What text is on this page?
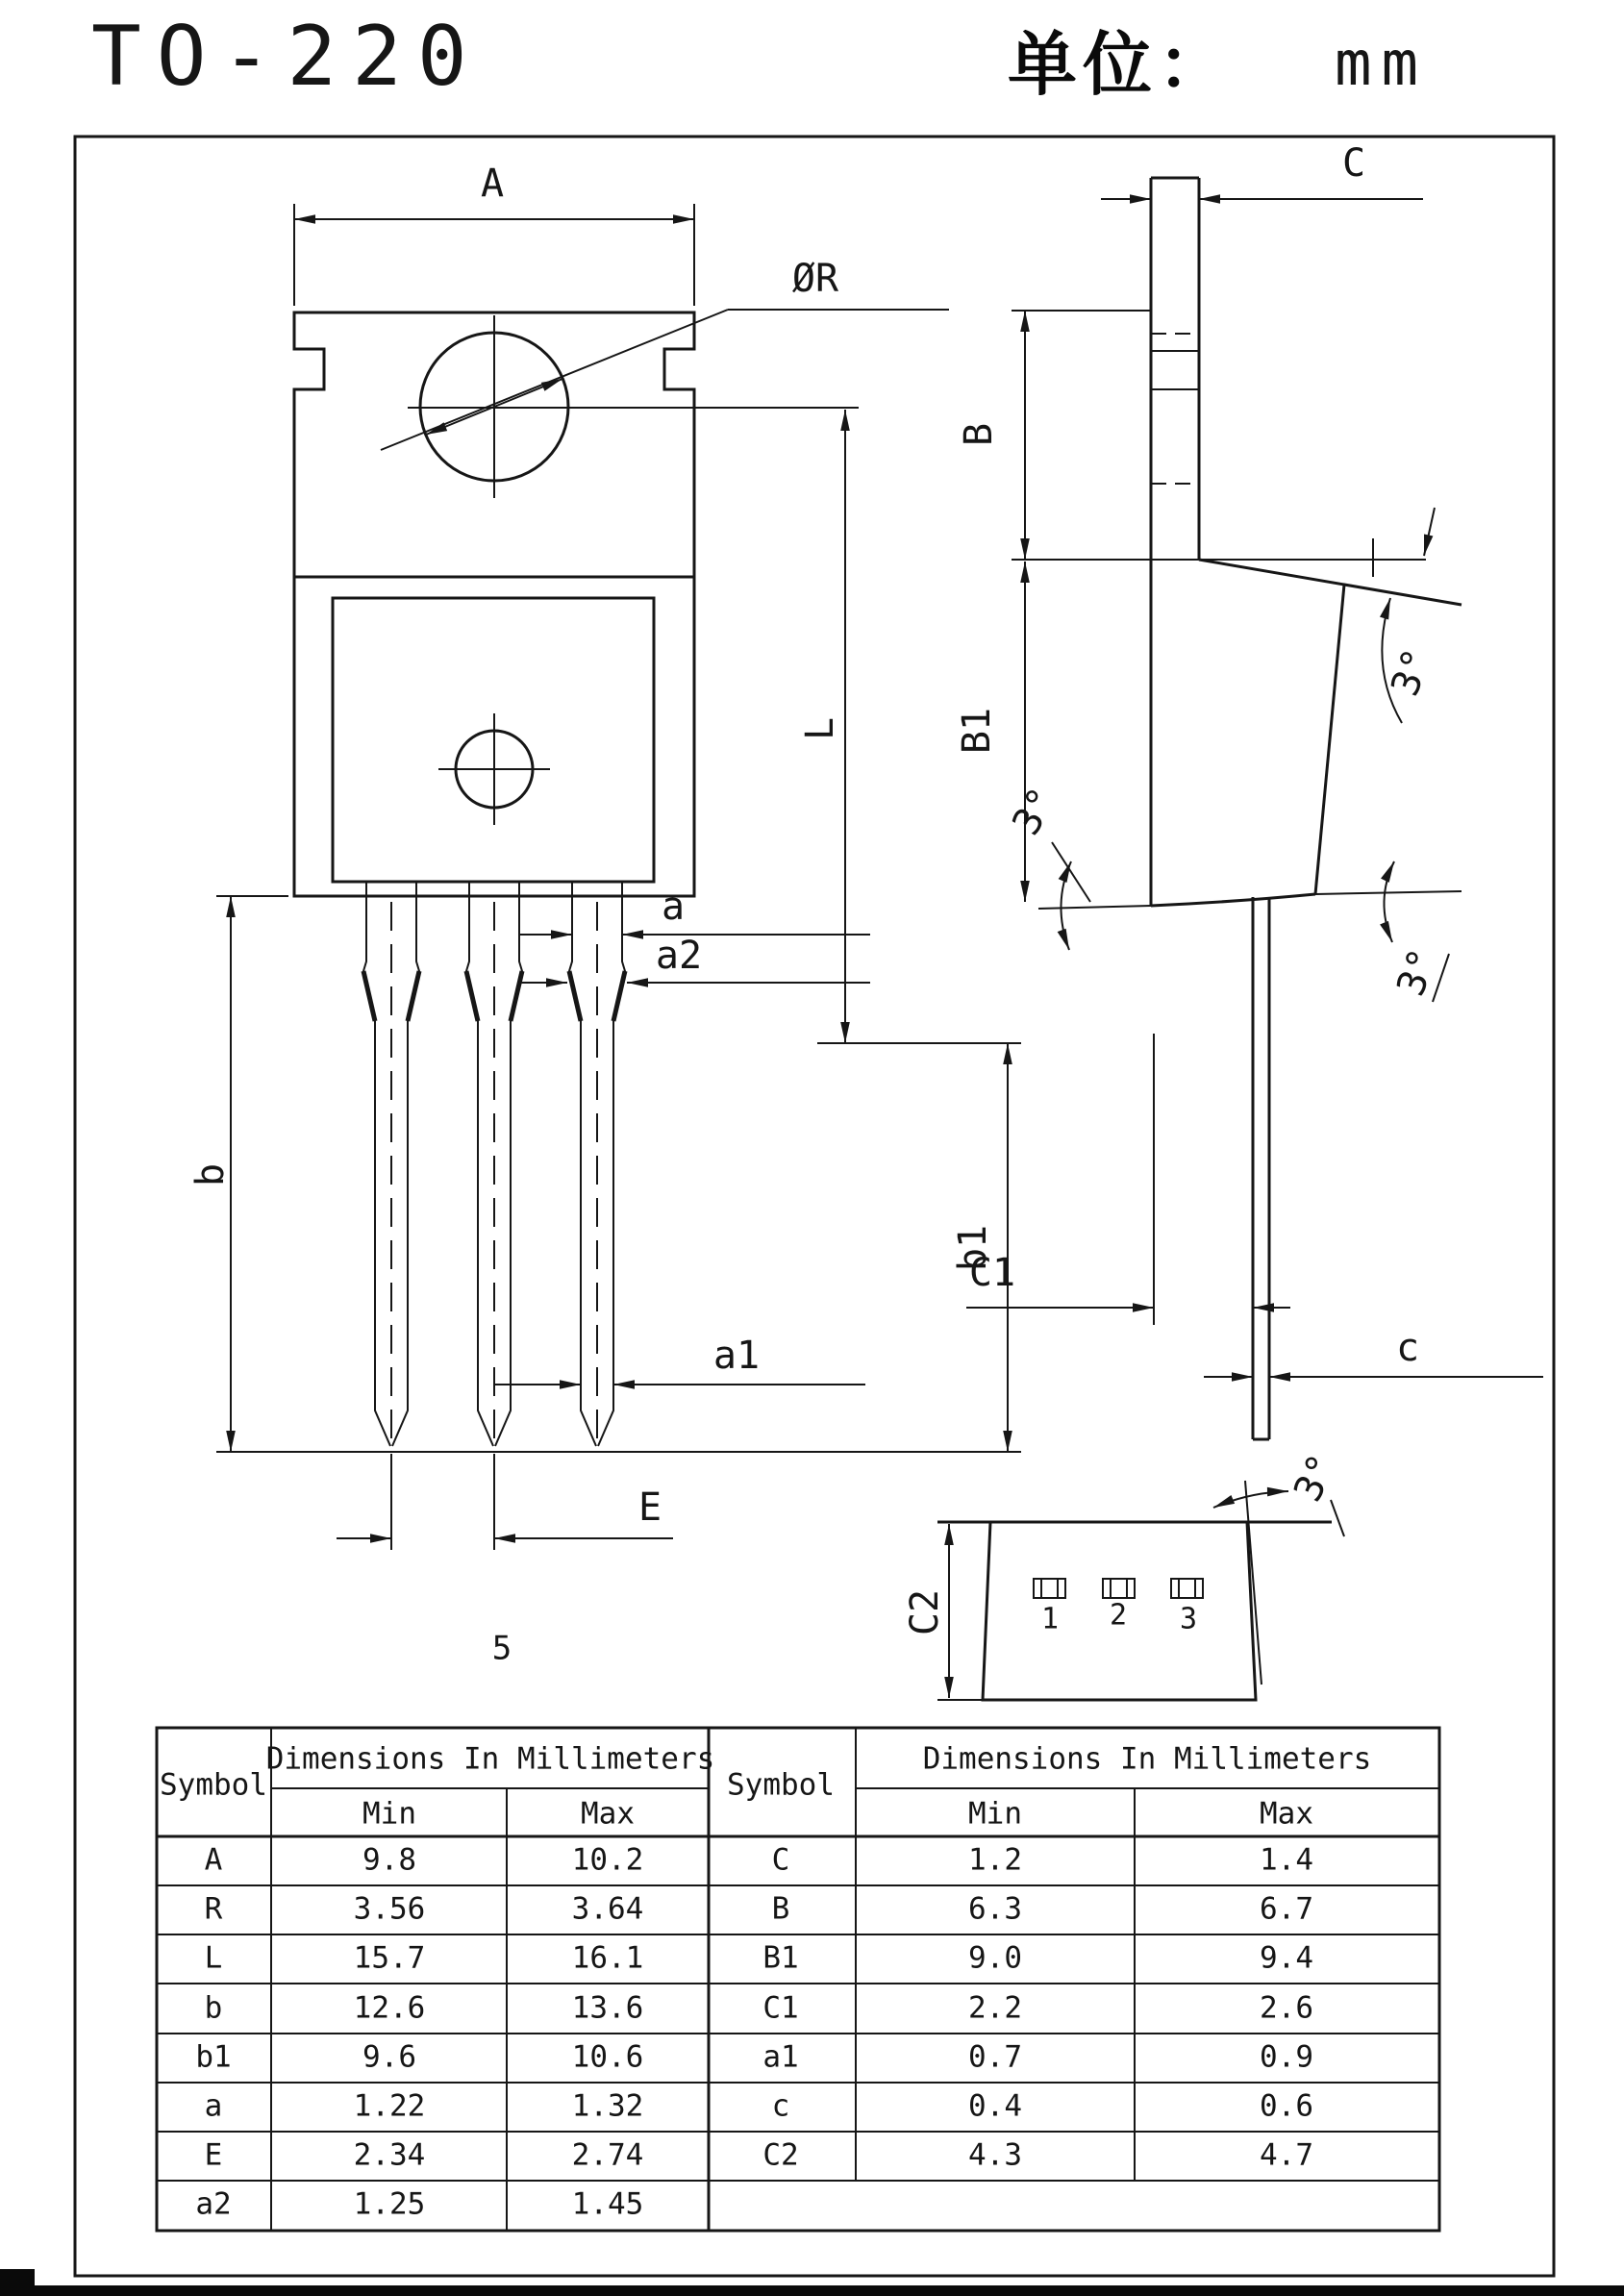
TO-220	单位： mm
A
ØR
L
a
a2
b
b1
a1
E
5
C
B
B1
3°
3°
3°
C1
c
C2
3°
1 2 3
Symbol
Dimensions In Millimeters
Min	Max
Symbol
Dimensions In Millimeters
Min	Max
A	9.8	10.2
R	3.56	3.64
L	15.7	16.1
b	12.6	13.6
b1	9.6	10.6
a	1.22	1.32
E	2.34	2.74
a2	1.25	1.45
C	1.2	1.4
B	6.3	6.7
B1	9.0	9.4
C1	2.2	2.6
a1	0.7	0.9
c	0.4	0.6
C2	4.3	4.7
